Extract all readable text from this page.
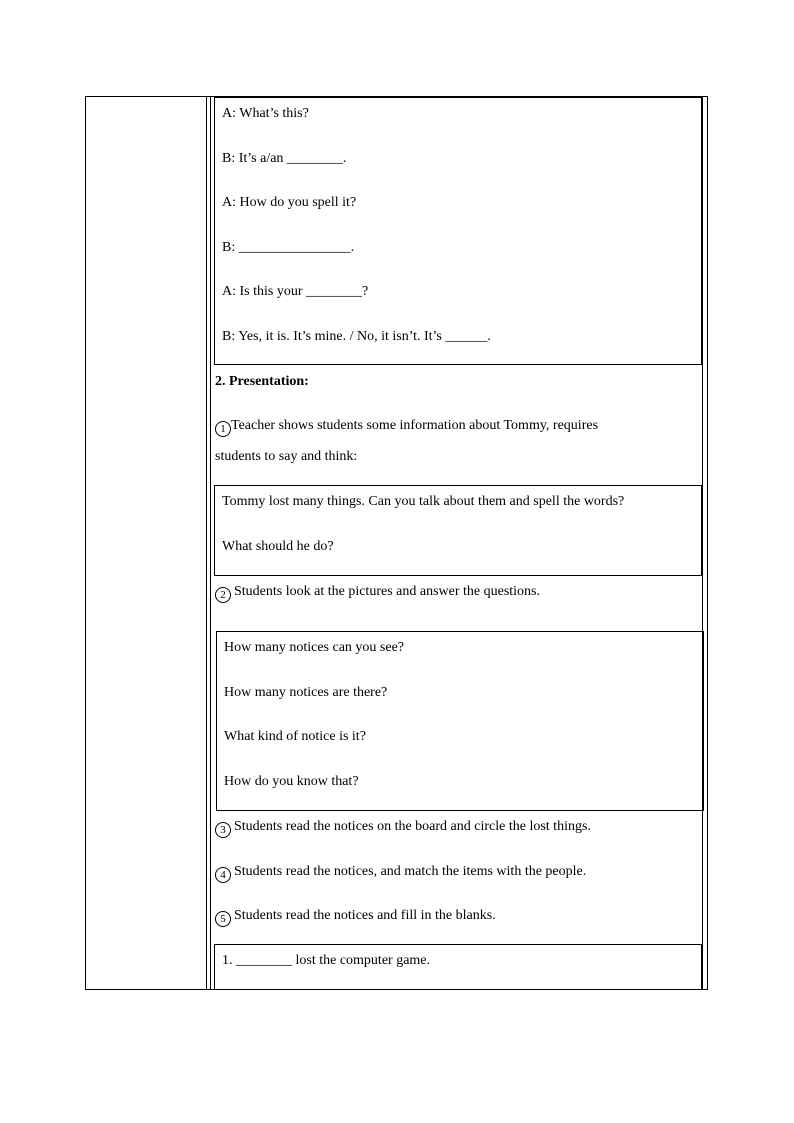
A: What’s this?
B: It’s a/an ________.
A: How do you spell it?
B: ________________.
A: Is this your ________?
B: Yes, it is. It’s mine. / No, it isn’t. It’s ______.
2. Presentation:
1 Teacher shows students some information about Tommy, requires
students to say and think:
Tommy lost many things. Can you talk about them and spell the words?
What should he do?
2 Students look at the pictures and answer the questions.
How many notices can you see?
How many notices are there?
What kind of notice is it?
How do you know that?
3 Students read the notices on the board and circle the lost things.
4 Students read the notices, and match the items with the people.
5 Students read the notices and fill in the blanks.
1. ________ lost the computer game.
